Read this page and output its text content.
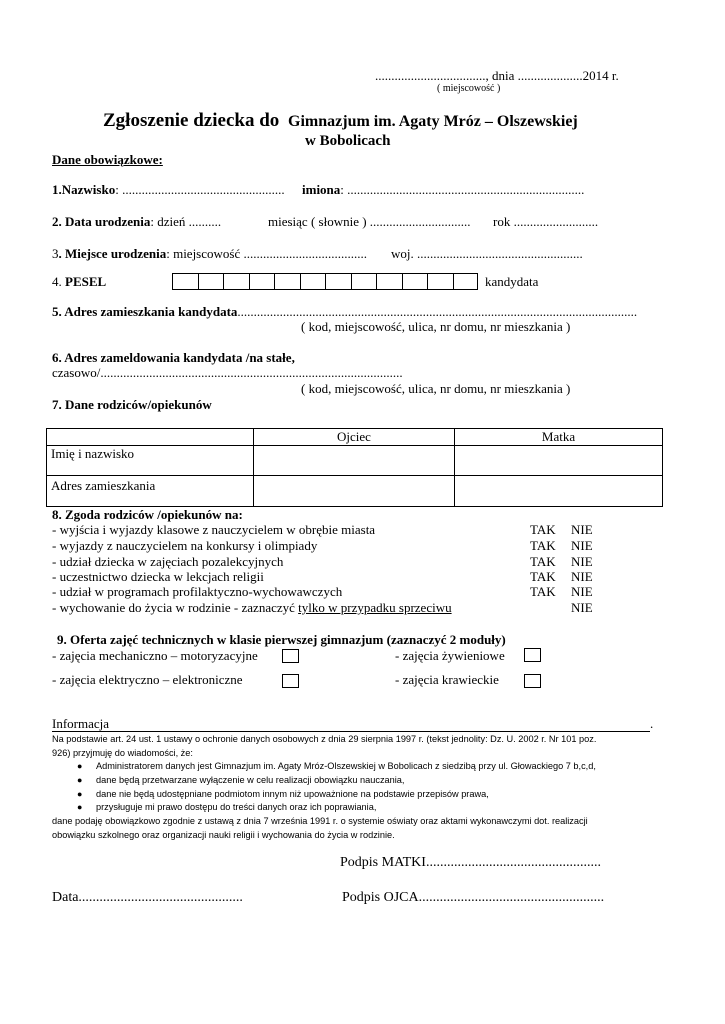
.................................., dnia ....................2014 r.
( miejscowość )
Zgłoszenie dziecka do Gimnazjum im. Agaty Mróz – Olszewskiej
w Bobolicach
Dane obowiązkowe:
1.Nazwisko: .................................................. imiona: .........................................................................
2. Data urodzenia: dzień ..........	miesiąc ( słownie ) ............................... rok ..........................
3. Miejsce urodzenia: miejscowość ...................................... woj. ...................................................
4. PESEL	kandydata
5. Adres zamieszkania kandydata...........................................................................................................................
( kod, miejscowość, ulica, nr domu, nr mieszkania )
6. Adres zameldowania kandydata /na stałe,
czasowo/.............................................................................................
( kod, miejscowość, ulica, nr domu, nr mieszkania )
7. Dane rodziców/opiekunów
	Ojciec	Matka
Imię i nazwisko		
Adres zamieszkania		
8. Zgoda rodziców /opiekunów na:
- wyjścia i wyjazdy klasowe z nauczycielem w obrębie miasta	TAK NIE
- wyjazdy z nauczycielem na konkursy i olimpiady	TAK NIE
- udział dziecka w zajęciach pozalekcyjnych	TAK NIE
- uczestnictwo dziecka w lekcjach religii	TAK NIE
- udział w programach profilaktyczno-wychowawczych	TAK NIE
- wychowanie do życia w rodzinie - zaznaczyć tylko w przypadku sprzeciwu	NIE
9. Oferta zajęć technicznych w klasie pierwszej gimnazjum (zaznaczyć 2 moduły)
- zajęcia mechaniczno – motoryzacyjne	- zajęcia żywieniowe
- zajęcia elektryczno – elektroniczne	- zajęcia krawieckie
Informacja	.
Na podstawie art. 24 ust. 1 ustawy o ochronie danych osobowych z dnia 29 sierpnia 1997 r. (tekst jednolity: Dz. U. 2002 r. Nr 101 poz.
926) przyjmuję do wiadomości, że:
● Administratorem danych jest Gimnazjum im. Agaty Mróz-Olszewskiej w Bobolicach z siedzibą przy ul. Głowackiego 7 b,c,d,
● dane będą przetwarzane wyłączenie w celu realizacji obowiązku nauczania,
● dane nie będą udostępniane podmiotom innym niż upoważnione na podstawie przepisów prawa,
● przysługuje mi prawo dostępu do treści danych oraz ich poprawiania,
dane podaję obowiązkowo zgodnie z ustawą z dnia 7 września 1991 r. o systemie oświaty oraz aktami wykonawczymi dot. realizacji
obowiązku szkolnego oraz organizacji nauki religii i wychowania do życia w rodzinie.
Podpis MATKI..................................................
Data...............................................	Podpis OJCA.....................................................
